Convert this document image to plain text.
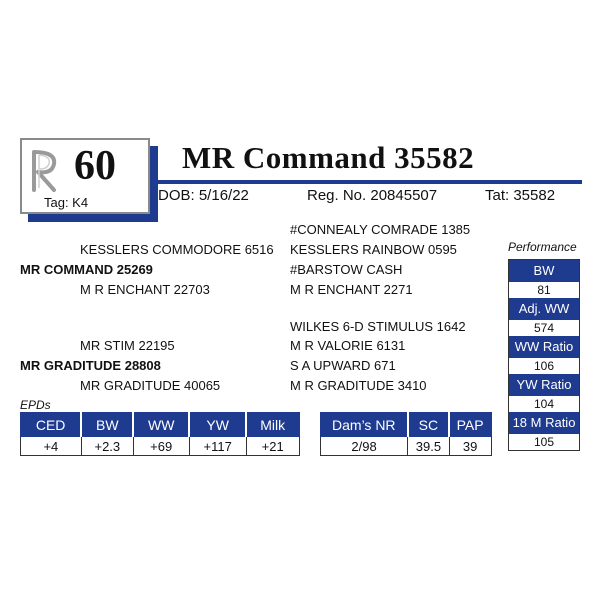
60
Tag: K4
MR Command 35582
DOB: 5/16/22	Reg. No. 20845507	Tat: 35582
#CONNEALY COMRADE 1385
KESSLERS COMMODORE 6516 KESSLERS RAINBOW 0595
MR COMMAND 25269	#BARSTOW CASH
M R ENCHANT 22703	M R ENCHANT 2271
WILKES 6-D STIMULUS 1642
MR STIM 22195	M R VALORIE 6131
MR GRADITUDE 28808	S A UPWARD 671
MR GRADITUDE 40065	M R GRADITUDE 3410
Performance
BW
81
Adj. WW
574
WW Ratio
106
YW Ratio
104
18 M Ratio
105
EPDs
CED	BW	WW	YW	Milk
+4	+2.3	+69	+117	+21
Dam’s NR	SC	PAP
2/98	39.5	39
